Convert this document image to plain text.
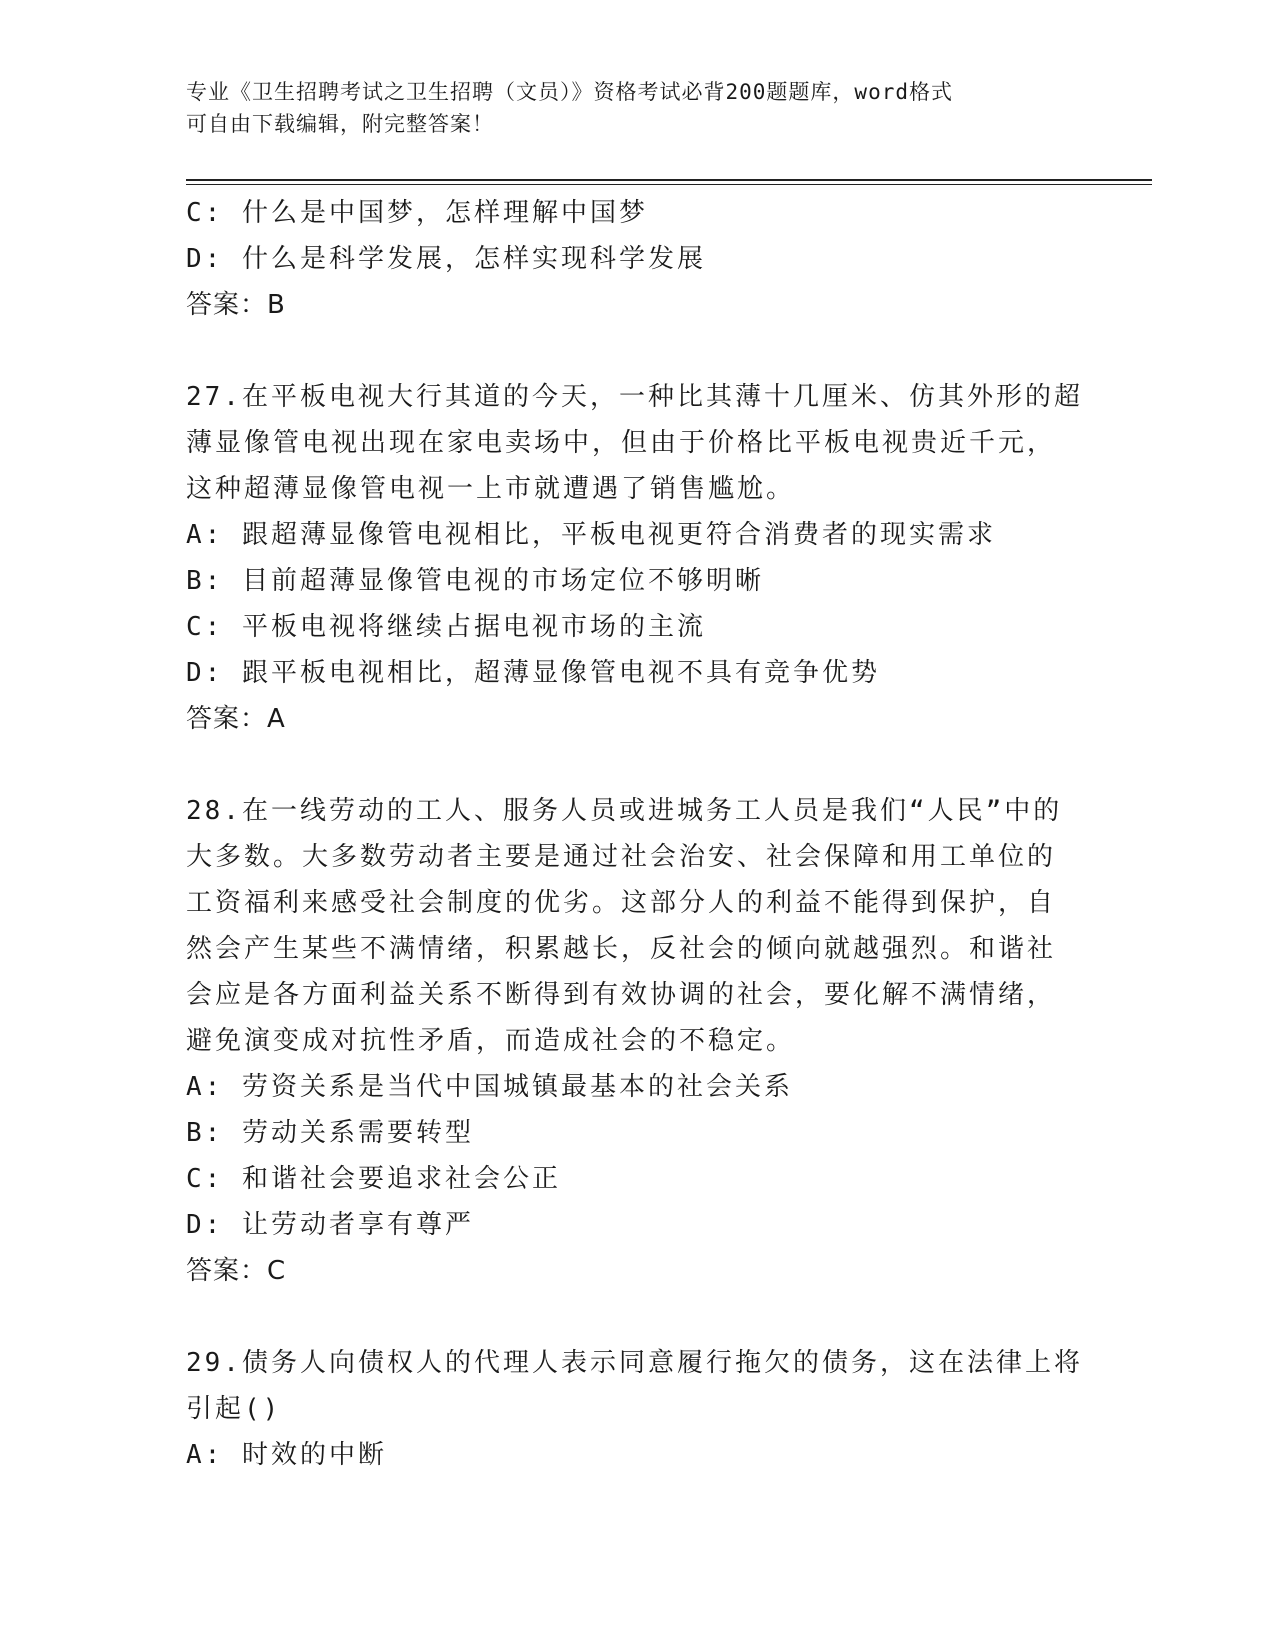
专业《卫生招聘考试之卫生招聘（文员）》资格考试必背200题题库，word格式
可自由下载编辑，附完整答案！
C: 什么是中国梦，怎样理解中国梦
D: 什么是科学发展，怎样实现科学发展
答案：B
27.在平板电视大行其道的今天，一种比其薄十几厘米、仿其外形的超
薄显像管电视出现在家电卖场中，但由于价格比平板电视贵近千元，
这种超薄显像管电视一上市就遭遇了销售尴尬。
A: 跟超薄显像管电视相比，平板电视更符合消费者的现实需求
B: 目前超薄显像管电视的市场定位不够明晰
C: 平板电视将继续占据电视市场的主流
D: 跟平板电视相比，超薄显像管电视不具有竞争优势
答案：A
28.在一线劳动的工人、服务人员或进城务工人员是我们“人民”中的
大多数。大多数劳动者主要是通过社会治安、社会保障和用工单位的
工资福利来感受社会制度的优劣。这部分人的利益不能得到保护，自
然会产生某些不满情绪，积累越长，反社会的倾向就越强烈。和谐社
会应是各方面利益关系不断得到有效协调的社会，要化解不满情绪，
避免演变成对抗性矛盾，而造成社会的不稳定。
A: 劳资关系是当代中国城镇最基本的社会关系
B: 劳动关系需要转型
C: 和谐社会要追求社会公正
D: 让劳动者享有尊严
答案：C
29.债务人向债权人的代理人表示同意履行拖欠的债务，这在法律上将
引起()
A: 时效的中断
